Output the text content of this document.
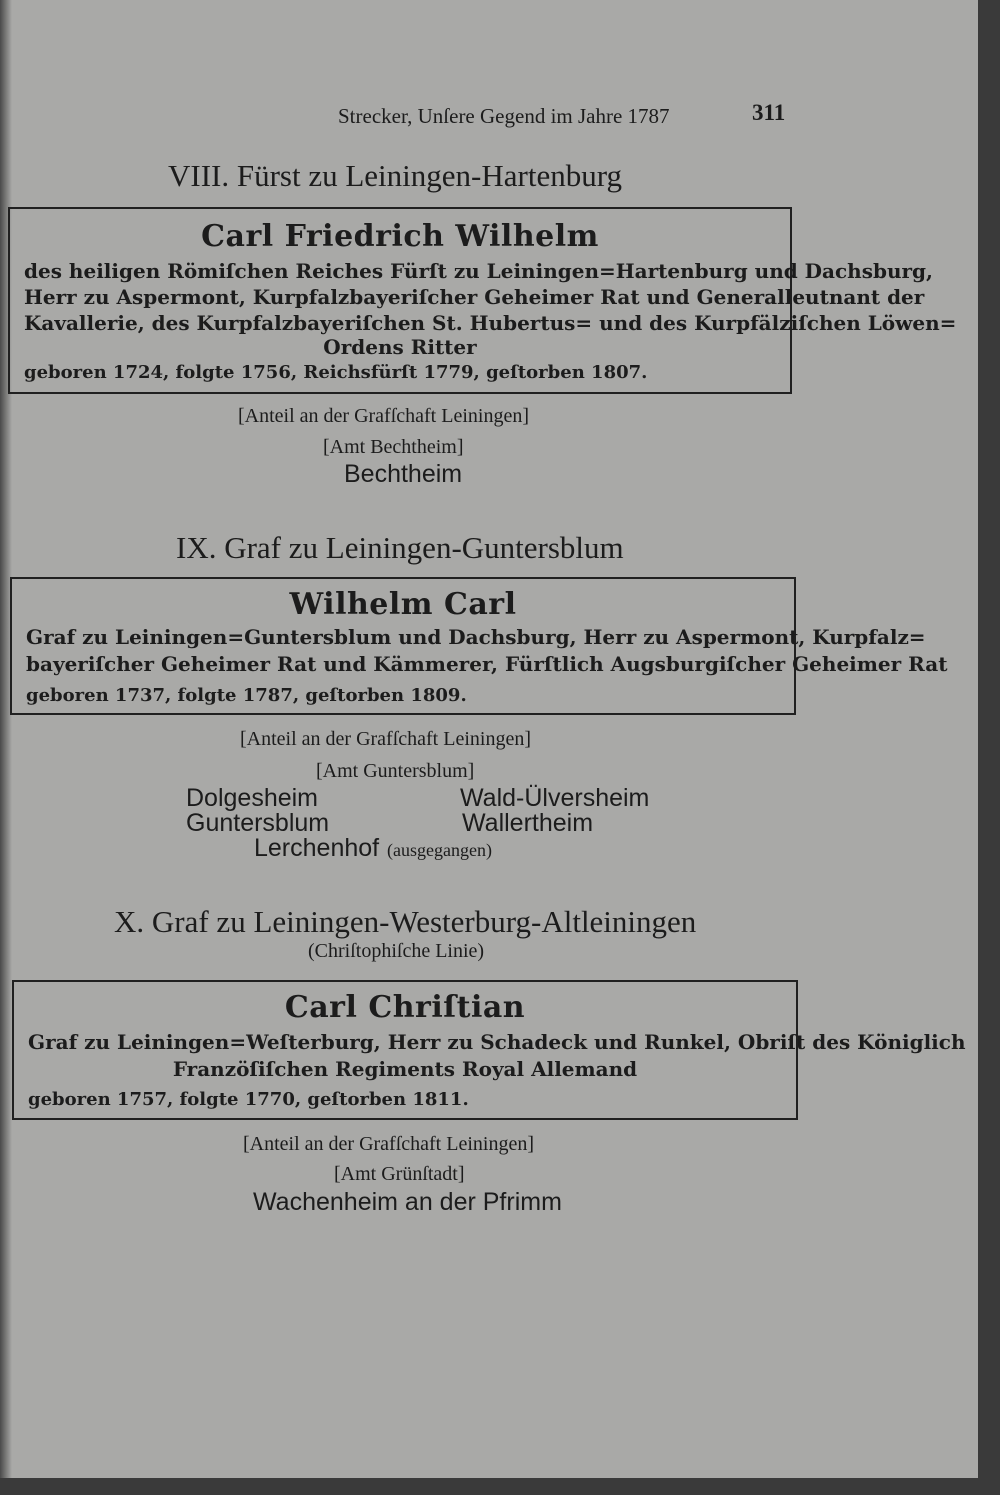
Strecker, Unſere Gegend im Jahre 1787	311
VIII. Fürst zu Leiningen-Hartenburg
Carl Friedrich Wilhelm
des heiligen Römiſchen Reiches Fürſt zu Leiningen=Hartenburg und Dachsburg,
Herr zu Aspermont, Kurpfalzbayeriſcher Geheimer Rat und Generalleutnant der
Kavallerie, des Kurpfalzbayeriſchen St. Hubertus= und des Kurpfälziſchen Löwen=
Ordens Ritter
geboren 1724, folgte 1756, Reichsfürſt 1779, geſtorben 1807.
[Anteil an der Grafſchaft Leiningen]
[Amt Bechtheim]
Bechtheim
IX. Graf zu Leiningen-Guntersblum
Wilhelm Carl
Graf zu Leiningen=Guntersblum und Dachsburg, Herr zu Aspermont, Kurpfalz=
bayeriſcher Geheimer Rat und Kämmerer, Fürſtlich Augsburgiſcher Geheimer Rat
geboren 1737, folgte 1787, geſtorben 1809.
[Anteil an der Grafſchaft Leiningen]
[Amt Guntersblum]
Dolgesheim	Wald-Ülversheim
Guntersblum	Wallertheim
Lerchenhof (ausgegangen)
X. Graf zu Leiningen-Westerburg-Altleiningen
(Chriſtophiſche Linie)
Carl Chriſtian
Graf zu Leiningen=Weſterburg, Herr zu Schadeck und Runkel, Obriſt des Königlich
Franzöſiſchen Regiments Royal Allemand
geboren 1757, folgte 1770, geſtorben 1811.
[Anteil an der Grafſchaft Leiningen]
[Amt Grünſtadt]
Wachenheim an der Pfrimm
